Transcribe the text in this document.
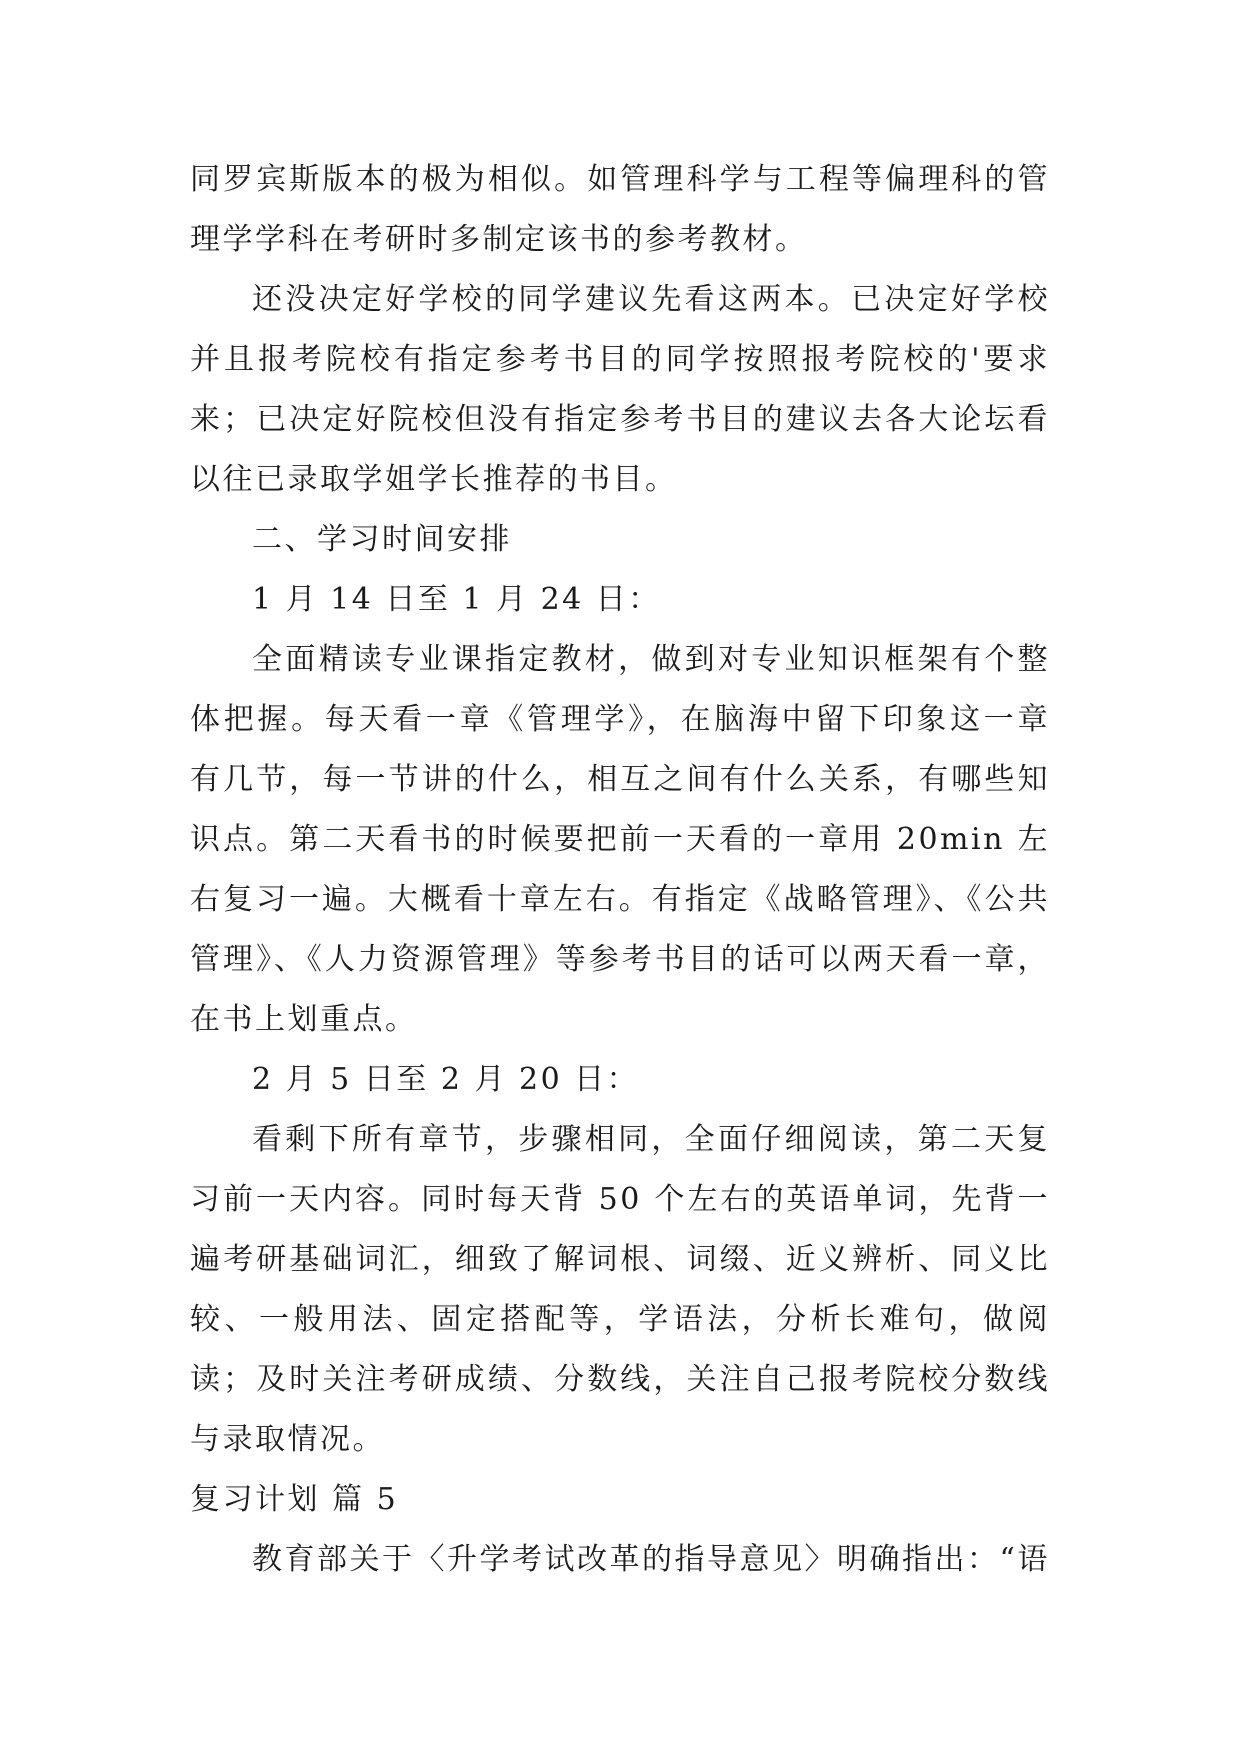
同罗宾斯版本的极为相似。如管理科学与工程等偏理科的管理学学科在考研时多制定该书的参考教材。

还没决定好学校的同学建议先看这两本。已决定好学校并且报考院校有指定参考书目的同学按照报考院校的'要求来；已决定好院校但没有指定参考书目的建议去各大论坛看以往已录取学姐学长推荐的书目。

二、学习时间安排

1 月 14 日至 1 月 24 日：

全面精读专业课指定教材，做到对专业知识框架有个整体把握。每天看一章《管理学》，在脑海中留下印象这一章有几节，每一节讲的什么，相互之间有什么关系，有哪些知识点。第二天看书的时候要把前一天看的一章用 20min 左右复习一遍。大概看十章左右。有指定《战略管理》、《公共管理》、《人力资源管理》等参考书目的话可以两天看一章，在书上划重点。

2 月 5 日至 2 月 20 日：

看剩下所有章节，步骤相同，全面仔细阅读，第二天复习前一天内容。同时每天背 50 个左右的英语单词，先背一遍考研基础词汇，细致了解词根、词缀、近义辨析、同义比较、一般用法、固定搭配等，学语法，分析长难句，做阅读；及时关注考研成绩、分数线，关注自己报考院校分数线与录取情况。

复习计划 篇 5

教育部关于〈升学考试改革的指导意见〉明确指出：“语
